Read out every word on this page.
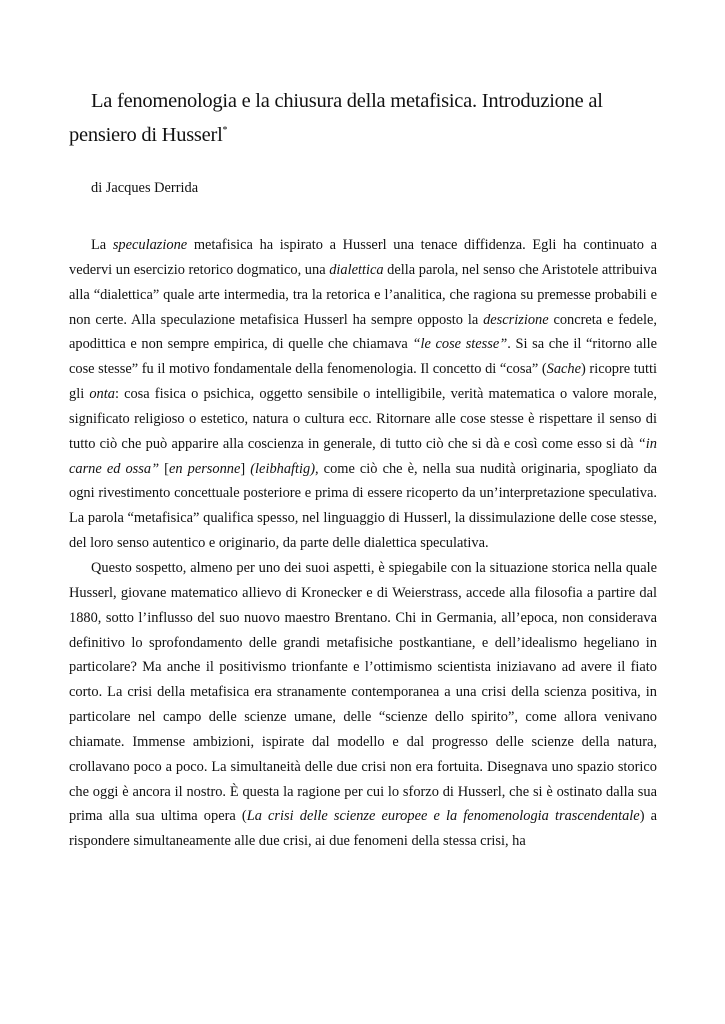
La fenomenologia e la chiusura della metafisica. Introduzione al pensiero di Husserl*

di Jacques Derrida

La speculazione metafisica ha ispirato a Husserl una tenace diffidenza. Egli ha continuato a vedervi un esercizio retorico dogmatico, una dialettica della parola, nel senso che Aristotele attribuiva alla “dialettica” quale arte intermedia, tra la retorica e l’analitica, che ragiona su premesse probabili e non certe. Alla speculazione metafisica Husserl ha sempre opposto la descrizione concreta e fedele, apodittica e non sempre empirica, di quelle che chiamava “le cose stesse”. Si sa che il “ritorno alle cose stesse” fu il motivo fondamentale della fenomenologia. Il concetto di “cosa” (Sache) ricopre tutti gli onta: cosa fisica o psichica, oggetto sensibile o intelligibile, verità matematica o valore morale, significato religioso o estetico, natura o cultura ecc. Ritornare alle cose stesse è rispettare il senso di tutto ciò che può apparire alla coscienza in generale, di tutto ciò che si dà e così come esso si dà “in carne ed ossa” [en personne] (leibhaftig), come ciò che è, nella sua nudità originaria, spogliato da ogni rivestimento concettuale posteriore e prima di essere ricoperto da un’interpretazione speculativa. La parola “metafisica” qualifica spesso, nel linguaggio di Husserl, la dissimulazione delle cose stesse, del loro senso autentico e originario, da parte delle dialettica speculativa.

Questo sospetto, almeno per uno dei suoi aspetti, è spiegabile con la situazione storica nella quale Husserl, giovane matematico allievo di Kronecker e di Weierstrass, accede alla filosofia a partire dal 1880, sotto l’influsso del suo nuovo maestro Brentano. Chi in Germania, all’epoca, non considerava definitivo lo sprofondamento delle grandi metafisiche postkantiane, e dell’idealismo hegeliano in particolare? Ma anche il positivismo trionfante e l’ottimismo scientista iniziavano ad avere il fiato corto. La crisi della metafisica era stranamente contemporanea a una crisi della scienza positiva, in particolare nel campo delle scienze umane, delle “scienze dello spirito”, come allora venivano chiamate. Immense ambizioni, ispirate dal modello e dal progresso delle scienze della natura, crollavano poco a poco. La simultaneità delle due crisi non era fortuita. Disegnava uno spazio storico che oggi è ancora il nostro. È questa la ragione per cui lo sforzo di Husserl, che si è ostinato dalla sua prima alla sua ultima opera (La crisi delle scienze europee e la fenomenologia trascendentale) a rispondere simultaneamente alle due crisi, ai due fenomeni della stessa crisi, ha
